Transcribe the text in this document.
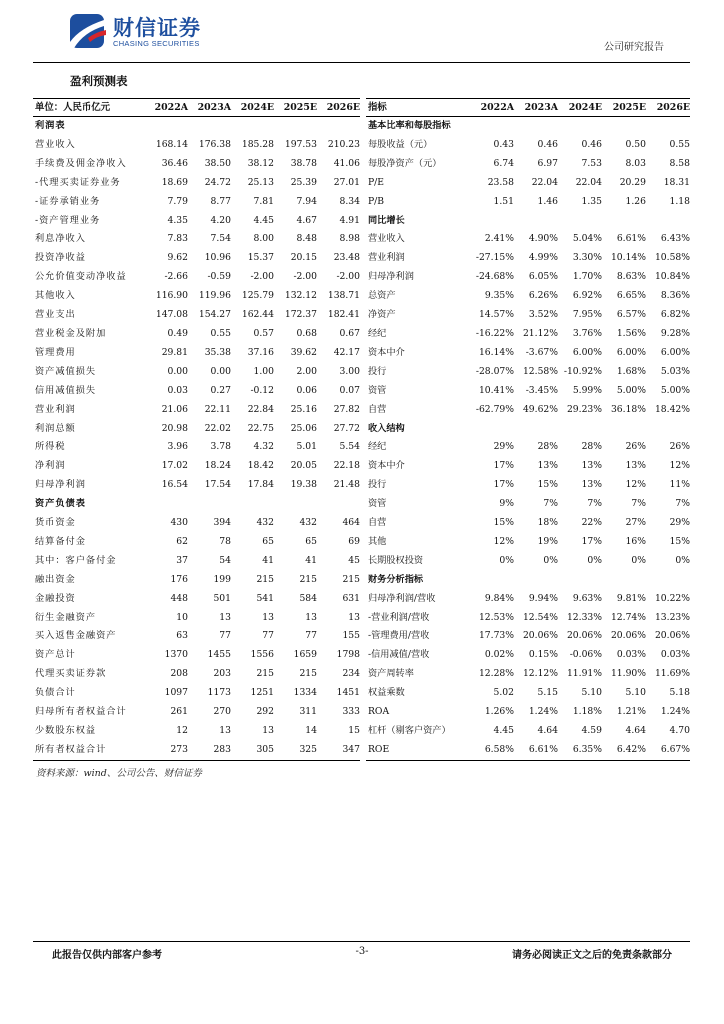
财信证券
CHASING SECURITIES	公司研究报告
盈利预测表
单位：人民币亿元	2022A	2023A	2024E	2025E	2026E
利润表					
营业收入	168.14	176.38	185.28	197.53	210.23
手续费及佣金净收入	36.46	38.50	38.12	38.78	41.06
-代理买卖证券业务	18.69	24.72	25.13	25.39	27.01
-证券承销业务	7.79	8.77	7.81	7.94	8.34
-资产管理业务	4.35	4.20	4.45	4.67	4.91
利息净收入	7.83	7.54	8.00	8.48	8.98
投资净收益	9.62	10.96	15.37	20.15	23.48
公允价值变动净收益	-2.66	-0.59	-2.00	-2.00	-2.00
其他收入	116.90	119.96	125.79	132.12	138.71
营业支出	147.08	154.27	162.44	172.37	182.41
营业税金及附加	0.49	0.55	0.57	0.68	0.67
管理费用	29.81	35.38	37.16	39.62	42.17
资产减值损失	0.00	0.00	1.00	2.00	3.00
信用减值损失	0.03	0.27	-0.12	0.06	0.07
营业利润	21.06	22.11	22.84	25.16	27.82
利润总额	20.98	22.02	22.75	25.06	27.72
所得税	3.96	3.78	4.32	5.01	5.54
净利润	17.02	18.24	18.42	20.05	22.18
归母净利润	16.54	17.54	17.84	19.38	21.48
资产负债表					
货币资金	430	394	432	432	464
结算备付金	62	78	65	65	69
其中：客户备付金	37	54	41	41	45
融出资金	176	199	215	215	215
金融投资	448	501	541	584	631
衍生金融资产	10	13	13	13	13
买入返售金融资产	63	77	77	77	155
资产总计	1370	1455	1556	1659	1798
代理买卖证券款	208	203	215	215	234
负债合计	1097	1173	1251	1334	1451
归母所有者权益合计	261	270	292	311	333
少数股东权益	12	13	13	14	15
所有者权益合计	273	283	305	325	347
指标	2022A	2023A	2024E	2025E	2026E
基本比率和每股指标					
每股收益（元）	0.43	0.46	0.46	0.50	0.55
每股净资产（元）	6.74	6.97	7.53	8.03	8.58
P/E	23.58	22.04	22.04	20.29	18.31
P/B	1.51	1.46	1.35	1.26	1.18
同比增长					
营业收入	2.41%	4.90%	5.04%	6.61%	6.43%
营业利润	-27.15%	4.99%	3.30%	10.14%	10.58%
归母净利润	-24.68%	6.05%	1.70%	8.63%	10.84%
总资产	9.35%	6.26%	6.92%	6.65%	8.36%
净资产	14.57%	3.52%	7.95%	6.57%	6.82%
经纪	-16.22%	21.12%	3.76%	1.56%	9.28%
资本中介	16.14%	-3.67%	6.00%	6.00%	6.00%
投行	-28.07%	12.58%	-10.92%	1.68%	5.03%
资管	10.41%	-3.45%	5.99%	5.00%	5.00%
自营	-62.79%	49.62%	29.23%	36.18%	18.42%
收入结构					
经纪	29%	28%	28%	26%	26%
资本中介	17%	13%	13%	13%	12%
投行	17%	15%	13%	12%	11%
资管	9%	7%	7%	7%	7%
自营	15%	18%	22%	27%	29%
其他	12%	19%	17%	16%	15%
长期股权投资	0%	0%	0%	0%	0%
财务分析指标					
归母净利润/营收	9.84%	9.94%	9.63%	9.81%	10.22%
-营业利润/营收	12.53%	12.54%	12.33%	12.74%	13.23%
-管理费用/营收	17.73%	20.06%	20.06%	20.06%	20.06%
-信用减值/营收	0.02%	0.15%	-0.06%	0.03%	0.03%
资产周转率	12.28%	12.12%	11.91%	11.90%	11.69%
权益乘数	5.02	5.15	5.10	5.10	5.18
ROA	1.26%	1.24%	1.18%	1.21%	1.24%
杠杆（剔客户资产）	4.45	4.64	4.59	4.64	4.70
ROE	6.58%	6.61%	6.35%	6.42%	6.67%
资料来源：wind、公司公告、财信证券
此报告仅供内部客户参考	-3-	请务必阅读正文之后的免责条款部分
